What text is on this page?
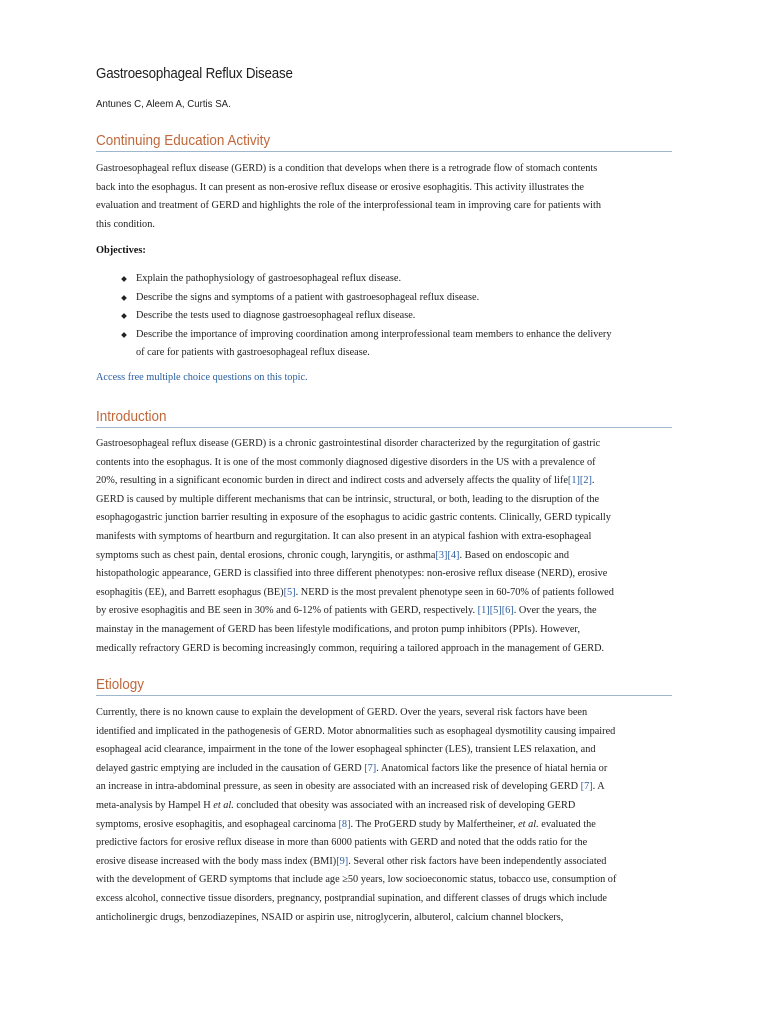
Gastroesophageal Reflux Disease
Antunes C, Aleem A, Curtis SA.
Continuing Education Activity

Gastroesophageal reflux disease (GERD) is a condition that develops when there is a retrograde flow of stomach contents
back into the esophagus. It can present as non-erosive reflux disease or erosive esophagitis. This activity illustrates the
evaluation and treatment of GERD and highlights the role of the interprofessional team in improving care for patients with
this condition.

Objectives:
Explain the pathophysiology of gastroesophageal reflux disease.
Describe the signs and symptoms of a patient with gastroesophageal reflux disease.
Describe the tests used to diagnose gastroesophageal reflux disease.
Describe the importance of improving coordination among interprofessional team members to enhance the delivery
of care for patients with gastroesophageal reflux disease.
Access free multiple choice questions on this topic.
Introduction

Gastroesophageal reflux disease (GERD) is a chronic gastrointestinal disorder characterized by the regurgitation of gastric
contents into the esophagus. It is one of the most commonly diagnosed digestive disorders in the US with a prevalence of
20%, resulting in a significant economic burden in direct and indirect costs and adversely affects the quality of life[1][2].
GERD is caused by multiple different mechanisms that can be intrinsic, structural, or both, leading to the disruption of the
esophagogastric junction barrier resulting in exposure of the esophagus to acidic gastric contents. Clinically, GERD typically
manifests with symptoms of heartburn and regurgitation. It can also present in an atypical fashion with extra-esophageal
symptoms such as chest pain, dental erosions, chronic cough, laryngitis, or asthma[3][4]. Based on endoscopic and
histopathologic appearance, GERD is classified into three different phenotypes: non-erosive reflux disease (NERD), erosive
esophagitis (EE), and Barrett esophagus (BE)[5]. NERD is the most prevalent phenotype seen in 60-70% of patients followed
by erosive esophagitis and BE seen in 30% and 6-12% of patients with GERD, respectively. [1][5][6]. Over the years, the
mainstay in the management of GERD has been lifestyle modifications, and proton pump inhibitors (PPIs). However,
medically refractory GERD is becoming increasingly common, requiring a tailored approach in the management of GERD.

Etiology

Currently, there is no known cause to explain the development of GERD. Over the years, several risk factors have been
identified and implicated in the pathogenesis of GERD. Motor abnormalities such as esophageal dysmotility causing impaired
esophageal acid clearance, impairment in the tone of the lower esophageal sphincter (LES), transient LES relaxation, and
delayed gastric emptying are included in the causation of GERD [7]. Anatomical factors like the presence of hiatal hernia or
an increase in intra-abdominal pressure, as seen in obesity are associated with an increased risk of developing GERD [7]. A
meta-analysis by Hampel H et al. concluded that obesity was associated with an increased risk of developing GERD
symptoms, erosive esophagitis, and esophageal carcinoma [8]. The ProGERD study by Malfertheiner, et al. evaluated the
predictive factors for erosive reflux disease in more than 6000 patients with GERD and noted that the odds ratio for the
erosive disease increased with the body mass index (BMI)[9]. Several other risk factors have been independently associated
with the development of GERD symptoms that include age ≥50 years, low socioeconomic status, tobacco use, consumption of
excess alcohol, connective tissue disorders, pregnancy, postprandial supination, and different classes of drugs which include
anticholinergic drugs, benzodiazepines, NSAID or aspirin use, nitroglycerin, albuterol, calcium channel blockers,
